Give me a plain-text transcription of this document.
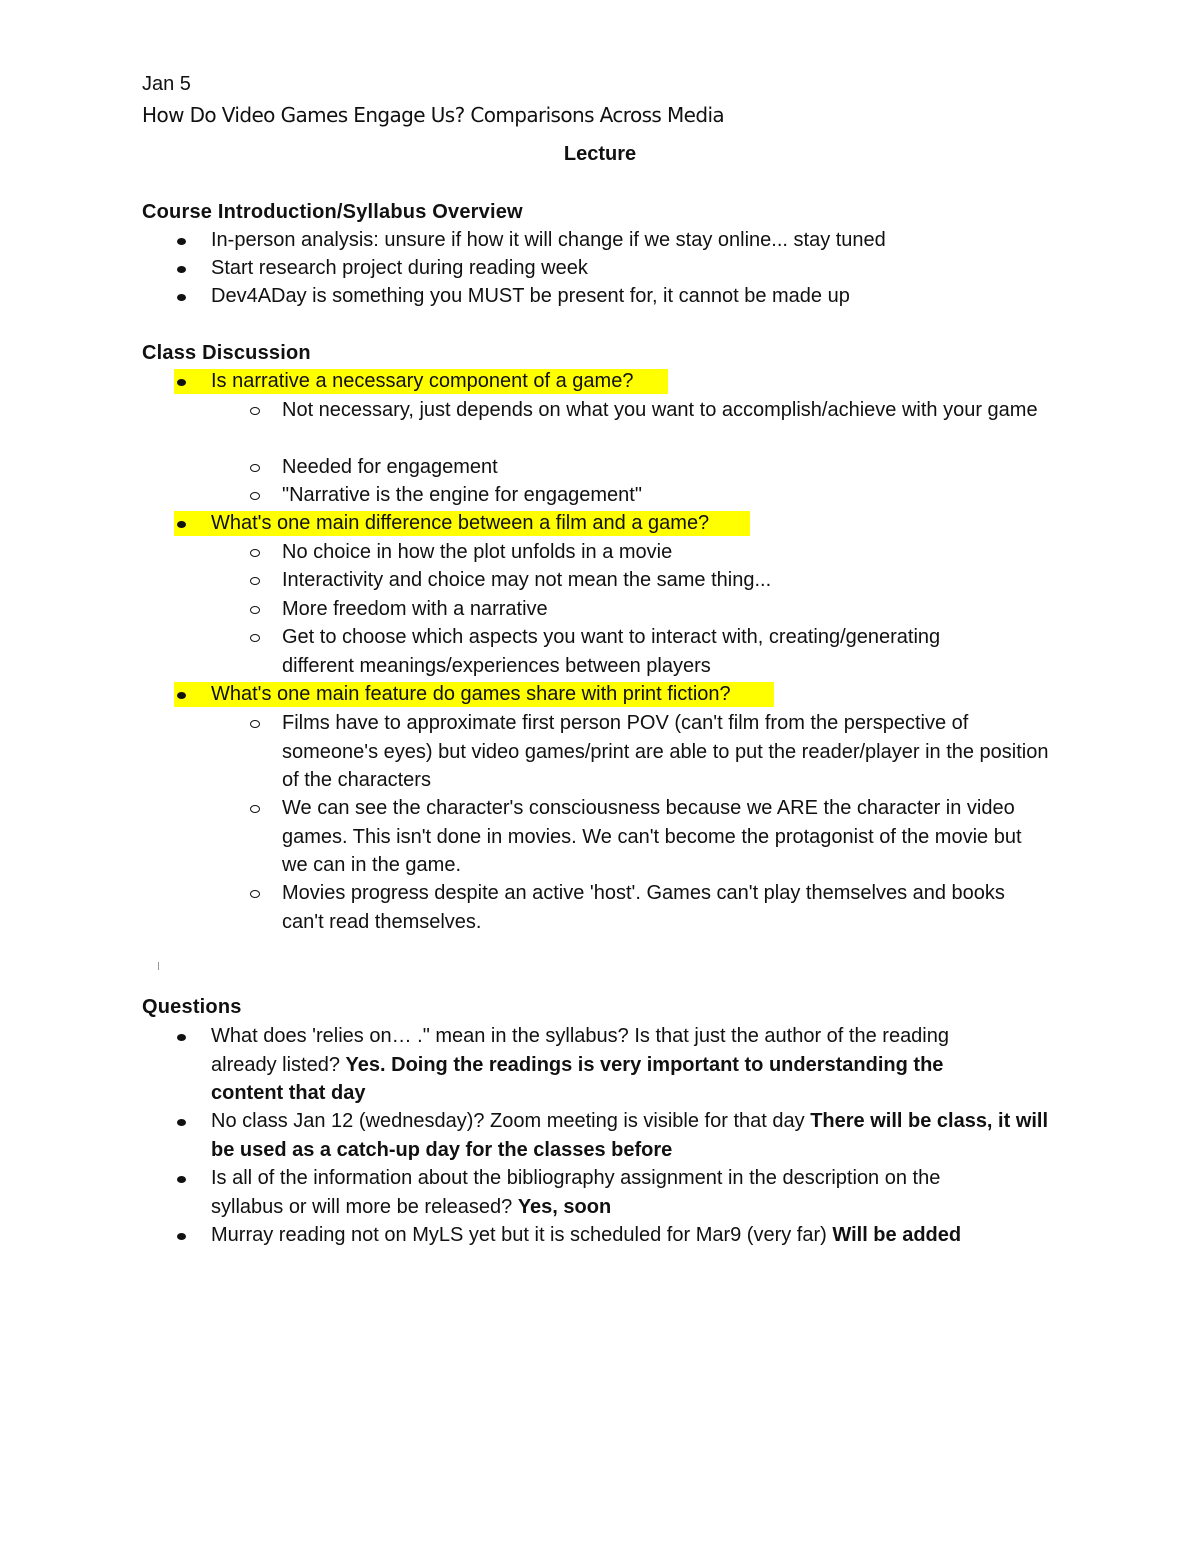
Jan 5
How Do Video Games Engage Us? Comparisons Across Media
Lecture
Course Introduction/Syllabus Overview
In-person analysis: unsure if how it will change if we stay online... stay tuned
Start research project during reading week
Dev4ADay is something you MUST be present for, it cannot be made up
Class Discussion
Is narrative a necessary component of a game?
Not necessary, just depends on what you want to accomplish/achieve with your game
Needed for engagement
"Narrative is the engine for engagement"
What's one main difference between a film and a game?
No choice in how the plot unfolds in a movie
Interactivity and choice may not mean the same thing...
More freedom with a narrative
Get to choose which aspects you want to interact with, creating/generating different meanings/experiences between players
What's one main feature do games share with print fiction?
Films have to approximate first person POV (can't film from the perspective of someone's eyes) but video games/print are able to put the reader/player in the position of the characters
We can see the character's consciousness because we ARE the character in video games. This isn't done in movies. We can't become the protagonist of the movie but we can in the game.
Movies progress despite an active 'host'. Games can't play themselves and books can't read themselves.
Questions
What does 'relies on… ." mean in the syllabus? Is that just the author of the reading already listed? Yes. Doing the readings is very important to understanding the content that day
No class Jan 12 (wednesday)? Zoom meeting is visible for that day There will be class, it will be used as a catch-up day for the classes before
Is all of the information about the bibliography assignment in the description on the syllabus or will more be released? Yes, soon
Murray reading not on MyLS yet but it is scheduled for Mar9 (very far) Will be added
